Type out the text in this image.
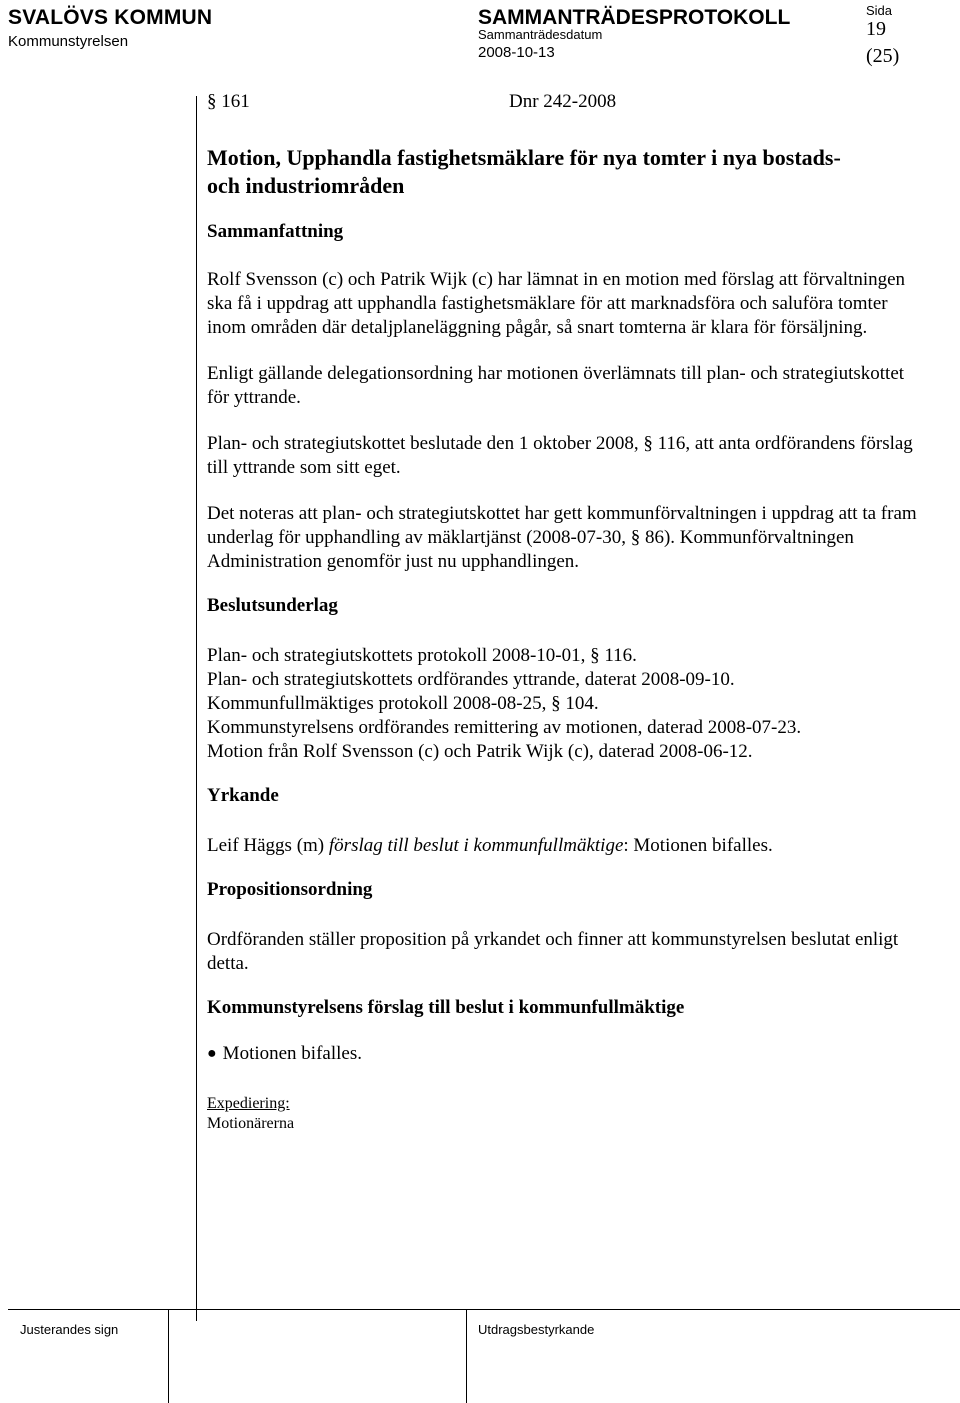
SVALÖVS KOMMUN
Kommunstyrelsen
SAMMANTRÄDESPROTOKOLL
Sammanträdesdatum
2008-10-13
Sida
19
(25)
§ 161	Dnr 242-2008

Motion, Upphandla fastighetsmäklare för nya tomter i nya bostads- och industriområden

Sammanfattning

Rolf Svensson (c) och Patrik Wijk (c) har lämnat in en motion med förslag att förvaltningen ska få i uppdrag att upphandla fastighetsmäklare för att marknadsföra och saluföra tomter inom områden där detaljplaneläggning pågår, så snart tomterna är klara för försäljning.

Enligt gällande delegationsordning har motionen överlämnats till plan- och strategiutskottet för yttrande.

Plan- och strategiutskottet beslutade den 1 oktober 2008, § 116, att anta ordförandens förslag till yttrande som sitt eget.

Det noteras att plan- och strategiutskottet har gett kommunförvaltningen i uppdrag att ta fram underlag för upphandling av mäklartjänst (2008-07-30, § 86). Kommunförvaltningen Administration genomför just nu upphandlingen.

Beslutsunderlag

Plan- och strategiutskottets protokoll 2008-10-01, § 116.

Plan- och strategiutskottets ordförandes yttrande, daterat 2008-09-10.

Kommunfullmäktiges protokoll 2008-08-25, § 104.

Kommunstyrelsens ordförandes remittering av motionen, daterad 2008-07-23.

Motion från Rolf Svensson (c) och Patrik Wijk (c), daterad 2008-06-12.

Yrkande

Leif Häggs (m) förslag till beslut i kommunfullmäktige: Motionen bifalles.

Propositionsordning

Ordföranden ställer proposition på yrkandet och finner att kommunstyrelsen beslutat enligt detta.

Kommunstyrelsens förslag till beslut i kommunfullmäktige

● Motionen bifalles.

Expediering:

Motionärerna

Justerandes sign	Utdragsbestyrkande
